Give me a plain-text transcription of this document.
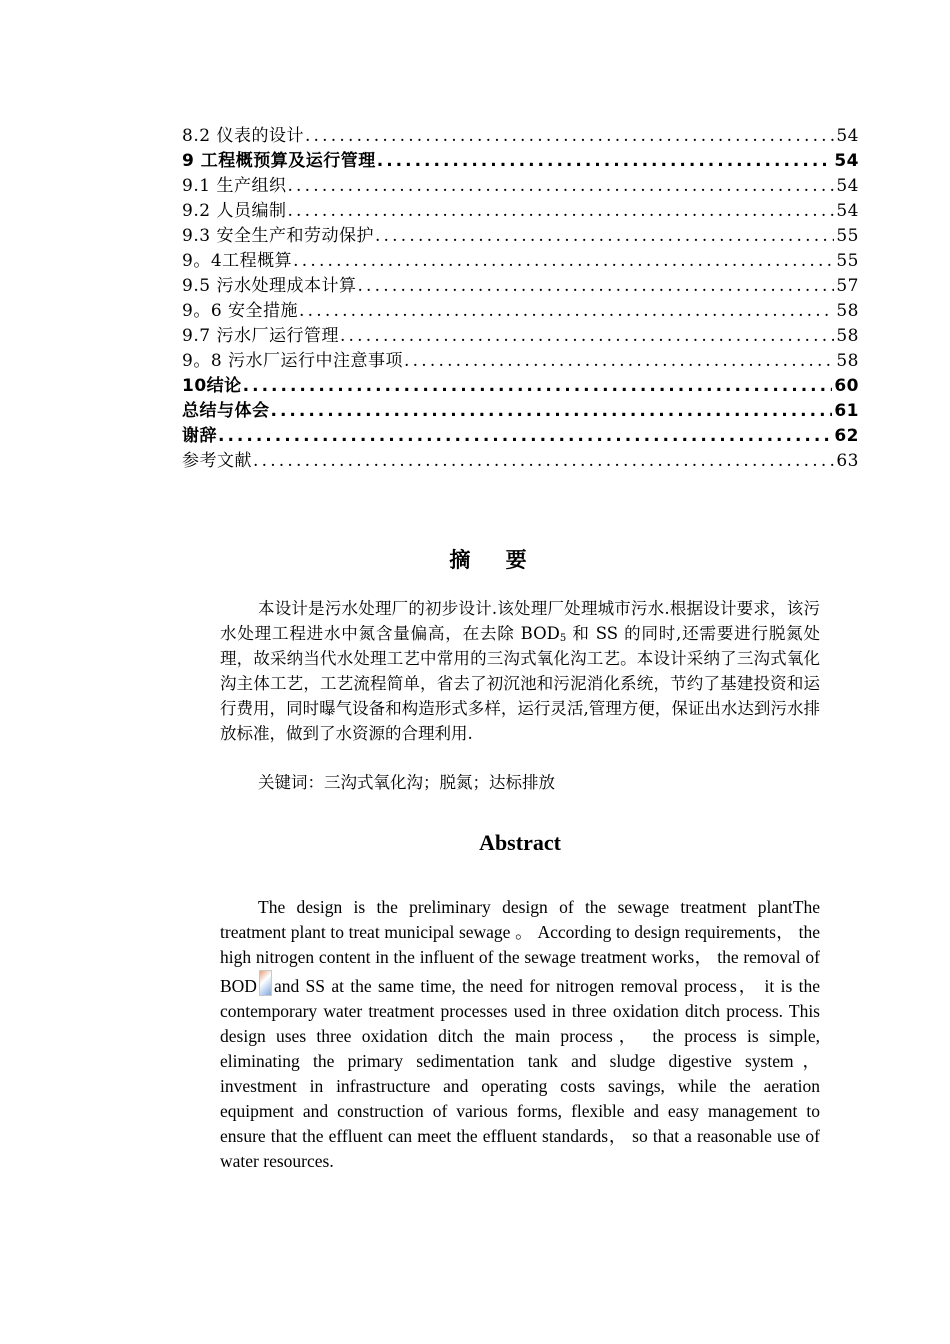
8.2 仪表的设计 .....	54
9 工程概预算及运行管理 .....	54
9.1 生产组织 .....	54
9.2 人员编制 .....	54
9.3 安全生产和劳动保护 .....	55
9。4工程概算 .....	55
9.5 污水处理成本计算 .....	57
9。6 安全措施 .....	58
9.7 污水厂运行管理 .....	58
9。8 污水厂运行中注意事项 .....	58
10结论 .....	60
总结与体会 .....	61
谢辞 .....	62
参考文献 .....	63
摘 要
本设计是污水处理厂的初步设计.该处理厂处理城市污水.根据设计要求，该污水处理工程进水中氮含量偏高，在去除 $BOD_5$ 和 SS 的同时,还需要进行脱氮处理，故采纳当代水处理工艺中常用的三沟式氧化沟工艺。本设计采纳了三沟式氧化沟主体工艺，工艺流程简单，省去了初沉池和污泥消化系统，节约了基建投资和运行费用，同时曝气设备和构造形式多样，运行灵活,管理方便，保证出水达到污水排放标准，做到了水资源的合理利用.
关键词：三沟式氧化沟；脱氮；达标排放
Abstract
The design is the preliminary design of the sewage treatment plantThe treatment plant to treat municipal sewage 。 According to design requirements， the high nitrogen content in the influent of the sewage treatment works， the removal of BOD and SS at the same time, the need for nitrogen removal process， it is the contemporary water treatment processes used in three oxidation ditch process. This design uses three oxidation ditch the main process， the process is simple, eliminating the primary sedimentation tank and sludge digestive system， investment in infrastructure and operating costs savings, while the aeration equipment and construction of various forms, flexible and easy management to ensure that the effluent can meet the effluent standards， so that a reasonable use of water resources.
